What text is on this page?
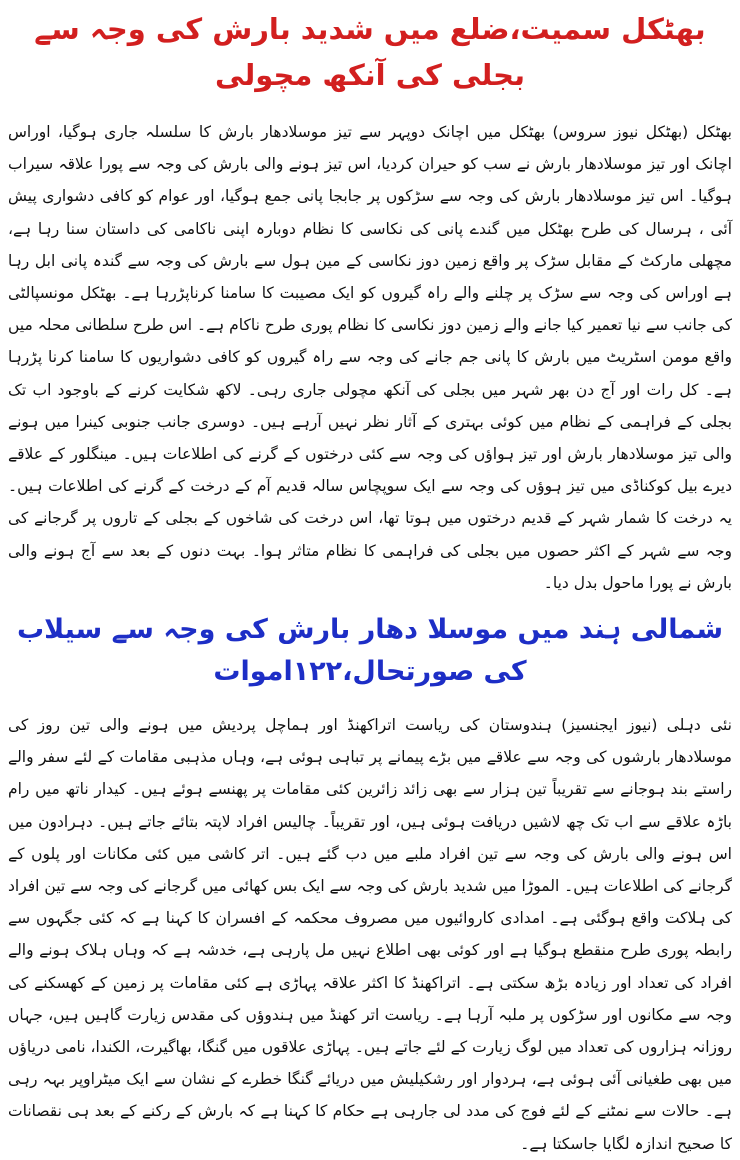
بھٹکل سمیت،ضلع میں شدید بارش کی وجہ سے بجلی کی آنکھ مچولی

بھٹکل (بھٹکل نیوز سروس) بھٹکل میں اچانک دوپہر سے تیز موسلادھار بارش کا سلسلہ جاری ہوگیا، اوراس اچانک اور تیز موسلادھار بارش نے سب کو حیران کردیا، اس تیز ہونے والی بارش کی وجہ سے پورا علاقہ سیراب ہوگیا۔ اس تیز موسلادھار بارش کی وجہ سے سڑکوں پر جابجا پانی جمع ہوگیا، اور عوام کو کافی دشواری پیش آئی ، ہرسال کی طرح بھٹکل میں گندے پانی کی نکاسی کا نظام دوبارہ اپنی ناکامی کی داستان سنا رہا ہے، مچھلی مارکٹ کے مقابل سڑک پر واقع زمین دوز نکاسی کے مین ہول سے بارش کی وجہ سے گندہ پانی ابل رہا ہے اوراس کی وجہ سے سڑک پر چلنے والے راہ گیروں کو ایک مصیبت کا سامنا کرناپڑرہا ہے۔ بھٹکل مونسپالٹی کی جانب سے نیا تعمیر کیا جانے والے زمین دوز نکاسی کا نظام پوری طرح ناکام ہے۔ اس طرح سلطانی محلہ میں واقع مومن اسٹریٹ میں بارش کا پانی جم جانے کی وجہ سے راہ گیروں کو کافی دشواریوں کا سامنا کرنا پڑرہا ہے۔ کل رات اور آج دن بھر شہر میں بجلی کی آنکھ مچولی جاری رہی۔ لاکھ شکایت کرنے کے باوجود اب تک بجلی کے فراہمی کے نظام میں کوئی بہتری کے آثار نظر نہیں آرہے ہیں۔ دوسری جانب جنوبی کینرا میں ہونے والی تیز موسلادھار بارش اور تیز ہواؤں کی وجہ سے کئی درختوں کے گرنے کی اطلاعات ہیں۔ مینگلور کے علاقے دیرے بیل کوکناڈی میں تیز ہوؤں کی وجہ سے ایک سوپچاس سالہ قدیم آم کے درخت کے گرنے کی اطلاعات ہیں۔ یہ درخت کا شمار شہر کے قدیم درختوں میں ہوتا تھا، اس درخت کی شاخوں کے بجلی کے تاروں پر گرجانے کی وجہ سے شہر کے اکثر حصوں میں بجلی کی فراہمی کا نظام متاثر ہوا۔ بہت دنوں کے بعد سے آج ہونے والی بارش نے پورا ماحول بدل دیا۔

شمالی ہند میں موسلا دھار بارش کی وجہ سے سیلاب کی صورتحال،۱۲۲اموات

نئی دہلی (نیوز ایجنسیز) ہندوستان کی ریاست اتراکھنڈ اور ہماچل پردیش میں ہونے والی تین روز کی موسلادھار بارشوں کی وجہ سے علاقے میں بڑے پیمانے پر تباہی ہوئی ہے، وہاں مذہبی مقامات کے لئے سفر والے راستے بند ہوجانے سے تقریباً تین ہزار سے بھی زائد زائرین کئی مقامات پر پھنسے ہوئے ہیں۔ کیدار ناتھ میں رام باڑہ علاقے سے اب تک چھ لاشیں دریافت ہوئی ہیں، اور تقریباً۔ چالیس افراد لاپتہ بتائے جاتے ہیں۔ دہرادون میں اس ہونے والی بارش کی وجہ سے تین افراد ملبے میں دب گئے ہیں۔ اتر کاشی میں کئی مکانات اور پلوں کے گرجانے کی اطلاعات ہیں۔ الموڑا میں شدید بارش کی وجہ سے ایک بس کھائی میں گرجانے کی وجہ سے تین افراد کی ہلاکت واقع ہوگئی ہے۔ امدادی کاروائیوں میں مصروف محکمہ کے افسران کا کہنا ہے کہ کئی جگہوں سے رابطہ پوری طرح منقطع ہوگیا ہے اور کوئی بھی اطلاع نہیں مل پارہی ہے، خدشہ ہے کہ وہاں ہلاک ہونے والے افراد کی تعداد اور زیادہ بڑھ سکتی ہے۔ اتراکھنڈ کا اکثر علاقہ پہاڑی ہے کئی مقامات پر زمین کے کھسکنے کی وجہ سے مکانوں اور سڑکوں پر ملبہ آرہا ہے۔ ریاست اتر کھنڈ میں ہندوؤں کی مقدس زیارت گاہیں ہیں، جہاں روزانہ ہزاروں کی تعداد میں لوگ زیارت کے لئے جاتے ہیں۔ پہاڑی علاقوں میں گنگا، بھاگیرت، الکندا، نامی دریاؤں میں بھی طغیانی آئی ہوئی ہے، ہردوار اور رشکیلیش میں دریائے گنگا خطرے کے نشان سے ایک میٹراوپر بہہ رہی ہے۔ حالات سے نمٹنے کے لئے فوج کی مدد لی جارہی ہے حکام کا کہنا ہے کہ بارش کے رکنے کے بعد ہی نقصانات کا صحیح اندازہ لگایا جاسکتا ہے۔
